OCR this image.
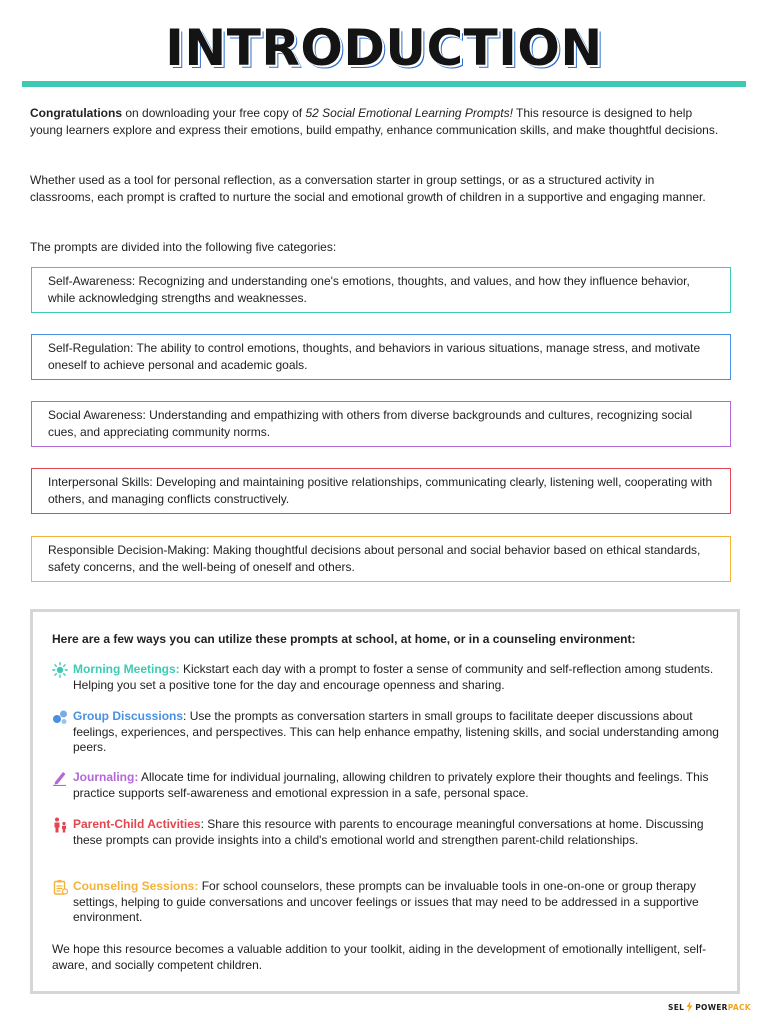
INTRODUCTION

Congratulations on downloading your free copy of 52 Social Emotional Learning Prompts! This resource is designed to help young learners explore and express their emotions, build empathy, enhance communication skills, and make thoughtful decisions.

Whether used as a tool for personal reflection, as a conversation starter in group settings, or as a structured activity in classrooms, each prompt is crafted to nurture the social and emotional growth of children in a supportive and engaging manner.

The prompts are divided into the following five categories:

Self-Awareness: Recognizing and understanding one's emotions, thoughts, and values, and how they influence behavior, while acknowledging strengths and weaknesses.
Self-Regulation: The ability to control emotions, thoughts, and behaviors in various situations, manage stress, and motivate oneself to achieve personal and academic goals.
Social Awareness: Understanding and empathizing with others from diverse backgrounds and cultures, recognizing social cues, and appreciating community norms.
Interpersonal Skills: Developing and maintaining positive relationships, communicating clearly, listening well, cooperating with others, and managing conflicts constructively.
Responsible Decision-Making: Making thoughtful decisions about personal and social behavior based on ethical standards, safety concerns, and the well-being of oneself and others.

Here are a few ways you can utilize these prompts at school, at home, or in a counseling environment:

Morning Meetings: Kickstart each day with a prompt to foster a sense of community and self-reflection among students. Helping you set a positive tone for the day and encourage openness and sharing.

Group Discussions: Use the prompts as conversation starters in small groups to facilitate deeper discussions about feelings, experiences, and perspectives. This can help enhance empathy, listening skills, and social understanding among peers.

Journaling: Allocate time for individual journaling, allowing children to privately explore their thoughts and feelings. This practice supports self-awareness and emotional expression in a safe, personal space.

Parent-Child Activities: Share this resource with parents to encourage meaningful conversations at home. Discussing these prompts can provide insights into a child's emotional world and strengthen parent-child relationships.

Counseling Sessions: For school counselors, these prompts can be invaluable tools in one-on-one or group therapy settings, helping to guide conversations and uncover feelings or issues that may need to be addressed in a supportive environment.

We hope this resource becomes a valuable addition to your toolkit, aiding in the development of emotionally intelligent, self-aware, and socially competent children.

SEL POWER PACK
